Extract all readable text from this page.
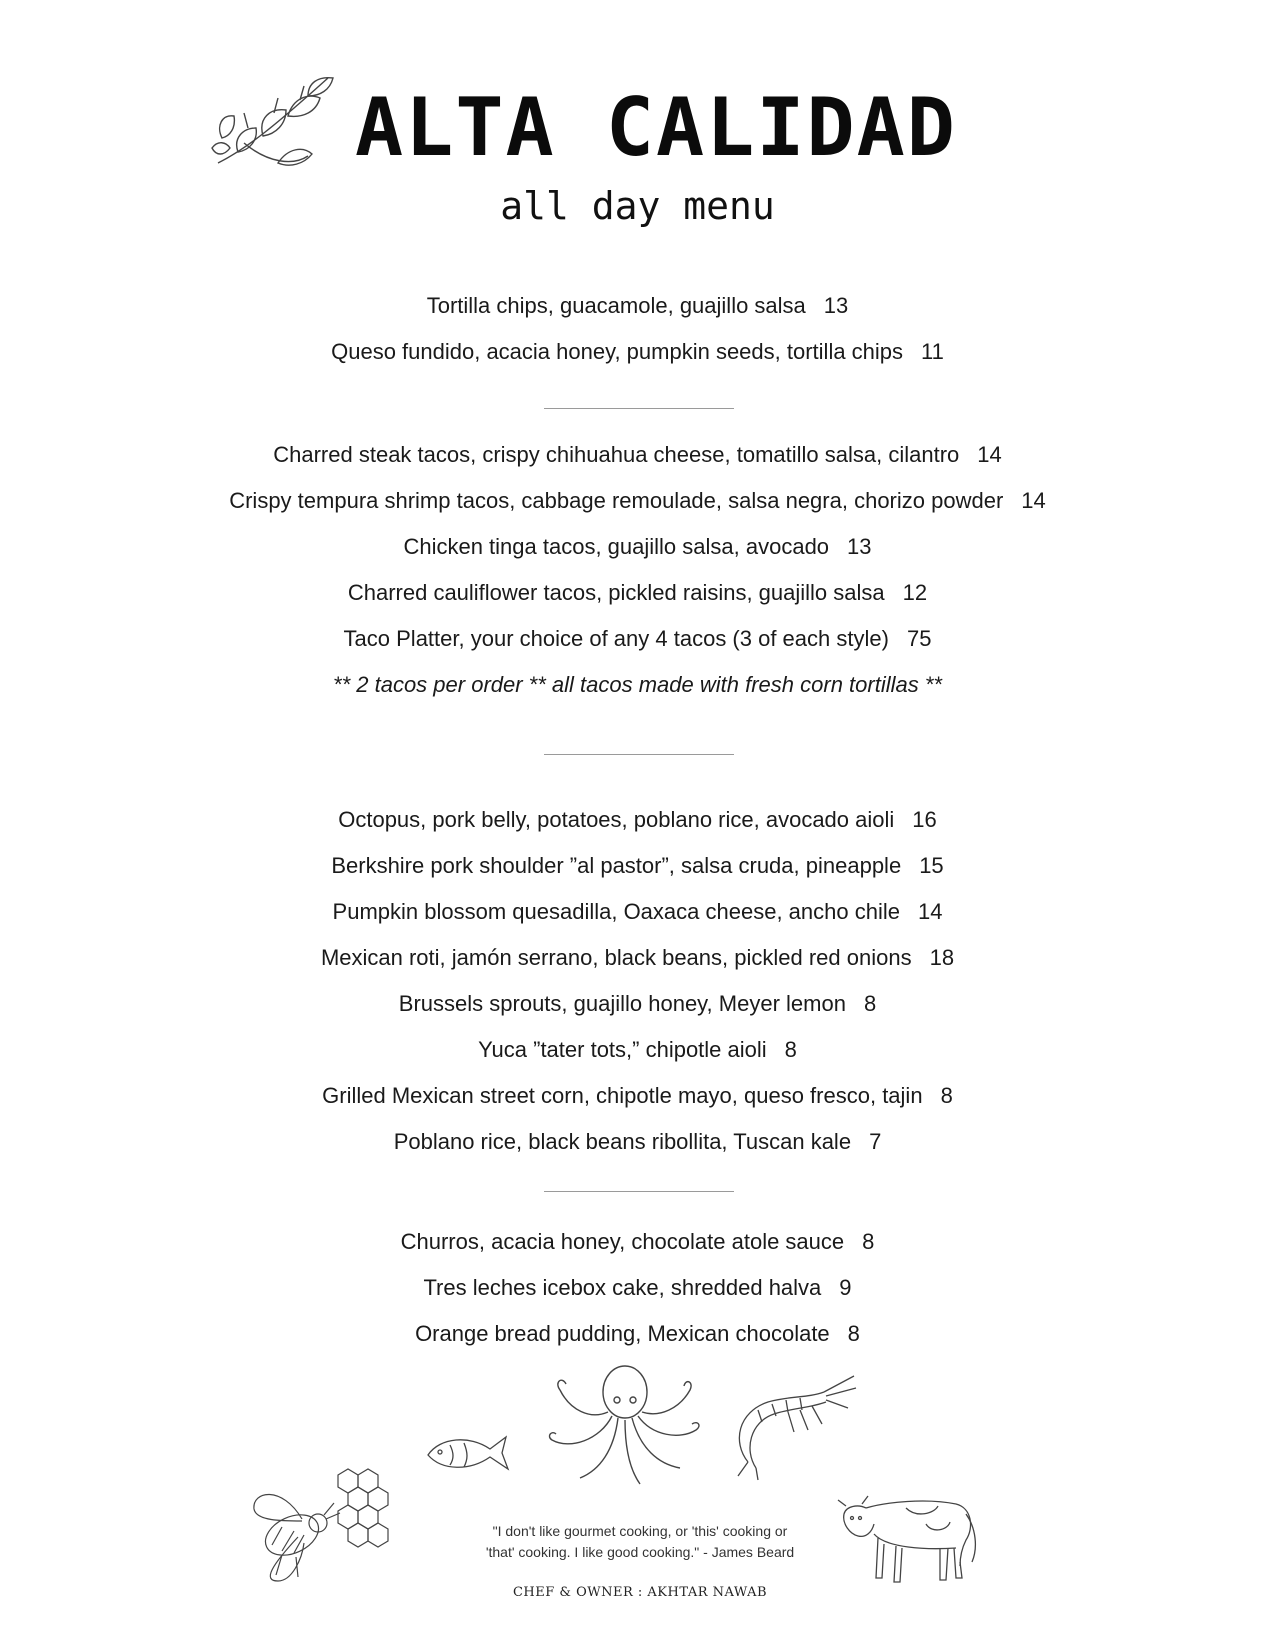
ALTA CALIDAD
all day menu
Tortilla chips, guacamole, guajillo salsa 13
Queso fundido, acacia honey, pumpkin seeds, tortilla chips 11
Charred steak tacos, crispy chihuahua cheese, tomatillo salsa, cilantro 14
Crispy tempura shrimp tacos, cabbage remoulade, salsa negra, chorizo powder 14
Chicken tinga tacos, guajillo salsa, avocado 13
Charred cauliflower tacos, pickled raisins, guajillo salsa 12
Taco Platter, your choice of any 4 tacos (3 of each style) 75
** 2 tacos per order ** all tacos made with fresh corn tortillas **
Octopus, pork belly, potatoes, poblano rice, avocado aioli 16
Berkshire pork shoulder ”al pastor”, salsa cruda, pineapple 15
Pumpkin blossom quesadilla, Oaxaca cheese, ancho chile 14
Mexican roti, jamón serrano, black beans, pickled red onions 18
Brussels sprouts, guajillo honey, Meyer lemon 8
Yuca ”tater tots,” chipotle aioli 8
Grilled Mexican street corn, chipotle mayo, queso fresco, tajin 8
Poblano rice, black beans ribollita, Tuscan kale 7
Churros, acacia honey, chocolate atole sauce 8
Tres leches icebox cake, shredded halva 9
Orange bread pudding, Mexican chocolate 8
"I don't like gourmet cooking, or 'this' cooking or
'that' cooking. I like good cooking." - James Beard
CHEF & OWNER : AKHTAR NAWAB
